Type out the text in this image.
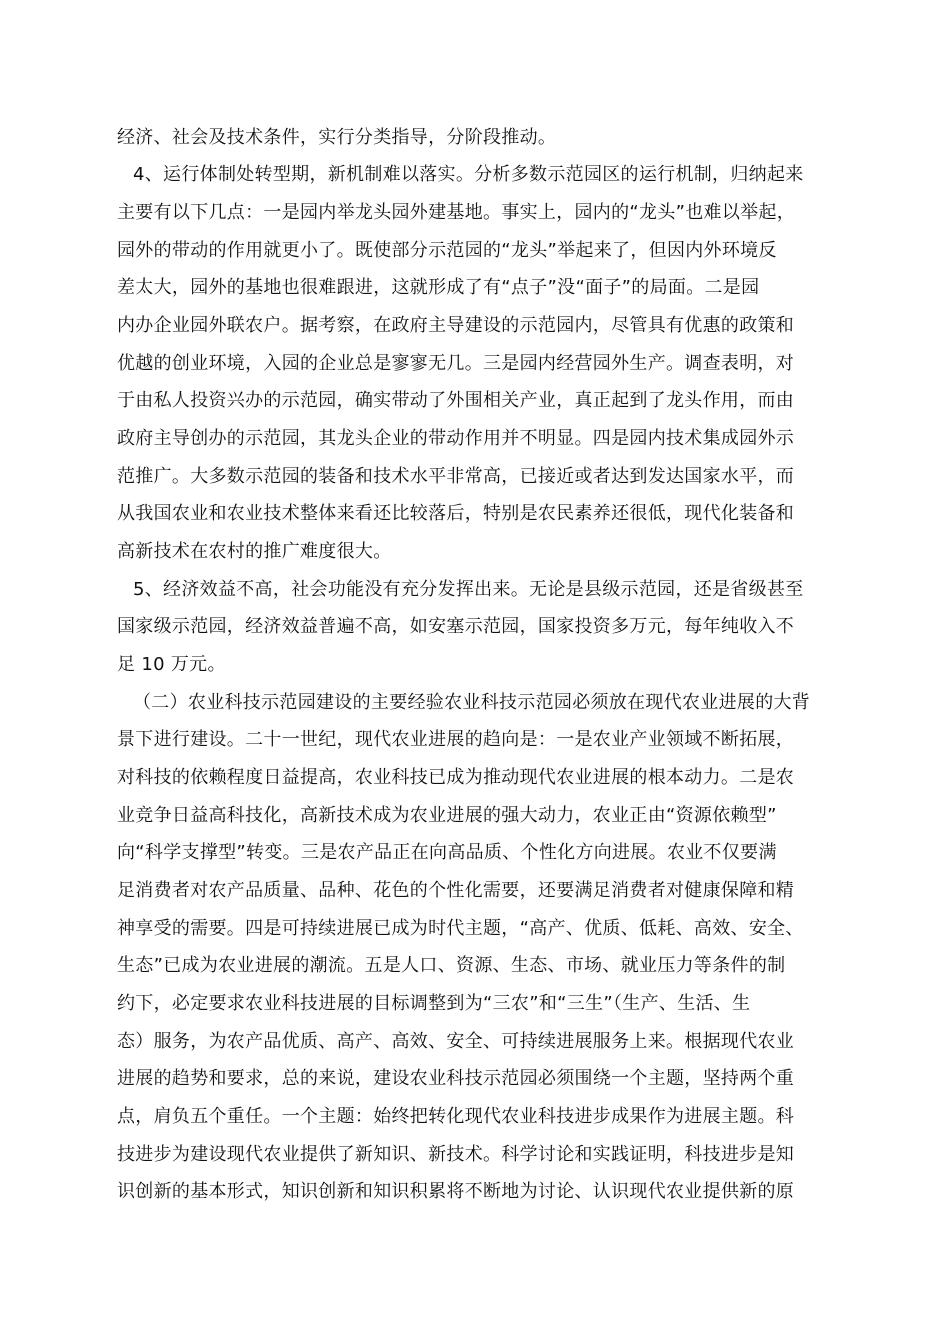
经济、社会及技术条件，实行分类指导，分阶段推动。
4、运行体制处转型期，新机制难以落实。分析多数示范园区的运行机制，归纳起来
主要有以下几点：一是园内举龙头园外建基地。事实上，园内的“龙头”也难以举起，
园外的带动的作用就更小了。既使部分示范园的“龙头”举起来了，但因内外环境反
差太大，园外的基地也很难跟进，这就形成了有“点子”没“面子”的局面。二是园
内办企业园外联农户。据考察，在政府主导建设的示范园内，尽管具有优惠的政策和
优越的创业环境，入园的企业总是寥寥无几。三是园内经营园外生产。调查表明，对
于由私人投资兴办的示范园，确实带动了外围相关产业，真正起到了龙头作用，而由
政府主导创办的示范园，其龙头企业的带动作用并不明显。四是园内技术集成园外示
范推广。大多数示范园的装备和技术水平非常高，已接近或者达到发达国家水平，而
从我国农业和农业技术整体来看还比较落后，特别是农民素养还很低，现代化装备和
高新技术在农村的推广难度很大。
5、经济效益不高，社会功能没有充分发挥出来。无论是县级示范园，还是省级甚至
国家级示范园，经济效益普遍不高，如安塞示范园，国家投资多万元，每年纯收入不
足 10 万元。
（二）农业科技示范园建设的主要经验农业科技示范园必须放在现代农业进展的大背
景下进行建设。二十一世纪，现代农业进展的趋向是：一是农业产业领域不断拓展，
对科技的依赖程度日益提高，农业科技已成为推动现代农业进展的根本动力。二是农
业竞争日益高科技化，高新技术成为农业进展的强大动力，农业正由“资源依赖型”
向“科学支撑型”转变。三是农产品正在向高品质、个性化方向进展。农业不仅要满
足消费者对农产品质量、品种、花色的个性化需要，还要满足消费者对健康保障和精
神享受的需要。四是可持续进展已成为时代主题，“高产、优质、低耗、高效、安全、
生态”已成为农业进展的潮流。五是人口、资源、生态、市场、就业压力等条件的制
约下，必定要求农业科技进展的目标调整到为“三农”和“三生”（生产、生活、生
态）服务，为农产品优质、高产、高效、安全、可持续进展服务上来。根据现代农业
进展的趋势和要求，总的来说，建设农业科技示范园必须围绕一个主题，坚持两个重
点，肩负五个重任。一个主题：始终把转化现代农业科技进步成果作为进展主题。科
技进步为建设现代农业提供了新知识、新技术。科学讨论和实践证明，科技进步是知
识创新的基本形式，知识创新和知识积累将不断地为讨论、认识现代农业提供新的原
